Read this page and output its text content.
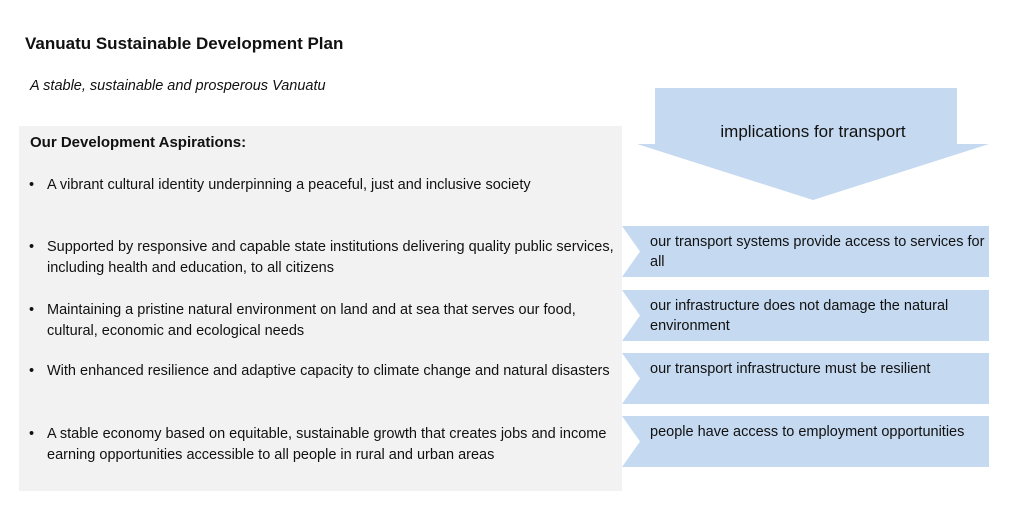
Vanuatu Sustainable Development Plan
A stable, sustainable and prosperous Vanuatu
Our Development Aspirations:
• A vibrant cultural identity underpinning a peaceful, just and inclusive society
• Supported by responsive and capable state institutions delivering quality public services, including health and education, to all citizens
• Maintaining a pristine natural environment on land and at sea that serves our food, cultural, economic and ecological needs
• With enhanced resilience and adaptive capacity to climate change and natural disasters
• A stable economy based on equitable, sustainable growth that creates jobs and income earning opportunities accessible to all people in rural and urban areas
implications for transport
our transport systems provide access to services for all
our infrastructure does not damage the natural environment
our transport infrastructure must be resilient
people have access to employment opportunities
